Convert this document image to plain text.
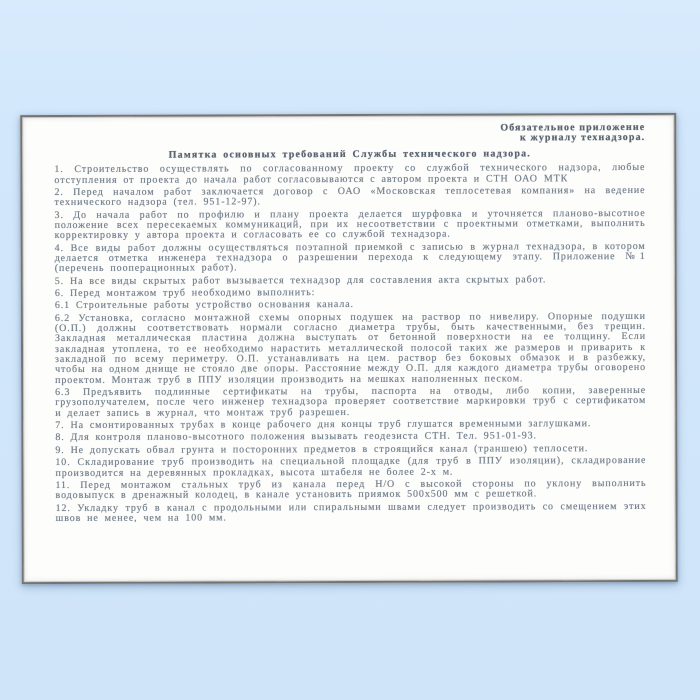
Обязательное приложение
к журналу технадзора.
Памятка основных требований Службы технического надзора.

1. Строительство осуществлять по согласованному проекту со службой технического надзора, любые отступления от проекта до начала работ согласовываются с автором проекта и СТН ОАО МТК

2. Перед началом работ заключается договор с ОАО «Московская теплосетевая компания» на ведение технического надзора (тел. 951-12-97).

3. До начала работ по профилю и плану проекта делается шурфовка и уточняется планово-высотное положение всех пересекаемых коммуникаций, при их несоответствии с проектными отметками, выполнить корректировку у автора проекта и согласовать ее со службой технадзора.

4. Все виды работ должны осуществляться поэтапной приемкой с записью в журнал технадзора, в котором делается отметка инженера технадзора о разрешении перехода к следующему этапу. Приложение №1 (перечень пооперационных работ).

5. На все виды скрытых работ вызывается технадзор для составления акта скрытых работ.

6. Перед монтажом труб необходимо выполнить:

6.1 Строительные работы устройство основания канала.

6.2 Установка, согласно монтажной схемы опорных подушек на раствор по нивелиру. Опорные подушки (О.П.) должны соответствовать нормали согласно диаметра трубы, быть качественными, без трещин. Закладная металлическая пластина должна выступать от бетонной поверхности на ее толщину. Если закладная утоплена, то ее необходимо нарастить металлической полосой таких же размеров и приварить к закладной по всему периметру. О.П. устанавливать на цем. раствор без боковых обмазок и в разбежку, чтобы на одном днище не стояло две опоры. Расстояние между О.П. для каждого диаметра трубы оговорено проектом. Монтаж труб в ППУ изоляции производить на мешках наполненных песком.

6.3 Предъявить подлинные сертификаты на трубы, паспорта на отводы, либо копии, заверенные грузополучателем, после чего инженер технадзора проверяет соответствие маркировки труб с сертификатом и делает запись в журнал, что монтаж труб разрешен.

7. На смонтированных трубах в конце рабочего дня концы труб глушатся временными заглушками.

8. Для контроля планово-высотного положения вызывать геодезиста СТН. Тел. 951-01-93.

9. Не допускать обвал грунта и посторонних предметов в строящийся канал (траншею) теплосети.

10. Складирование труб производить на специальной площадке (для труб в ППУ изоляции), складирование производится на деревянных прокладках, высота штабеля не более 2-х м.

11. Перед монтажом стальных труб из канала перед Н/О с высокой стороны по уклону выполнить водовыпуск в дренажный колодец, в канале установить приямок 500х500 мм с решеткой.

12. Укладку труб в канал с продольными или спиральными швами следует производить со смещением этих швов не менее, чем на 100 мм.
